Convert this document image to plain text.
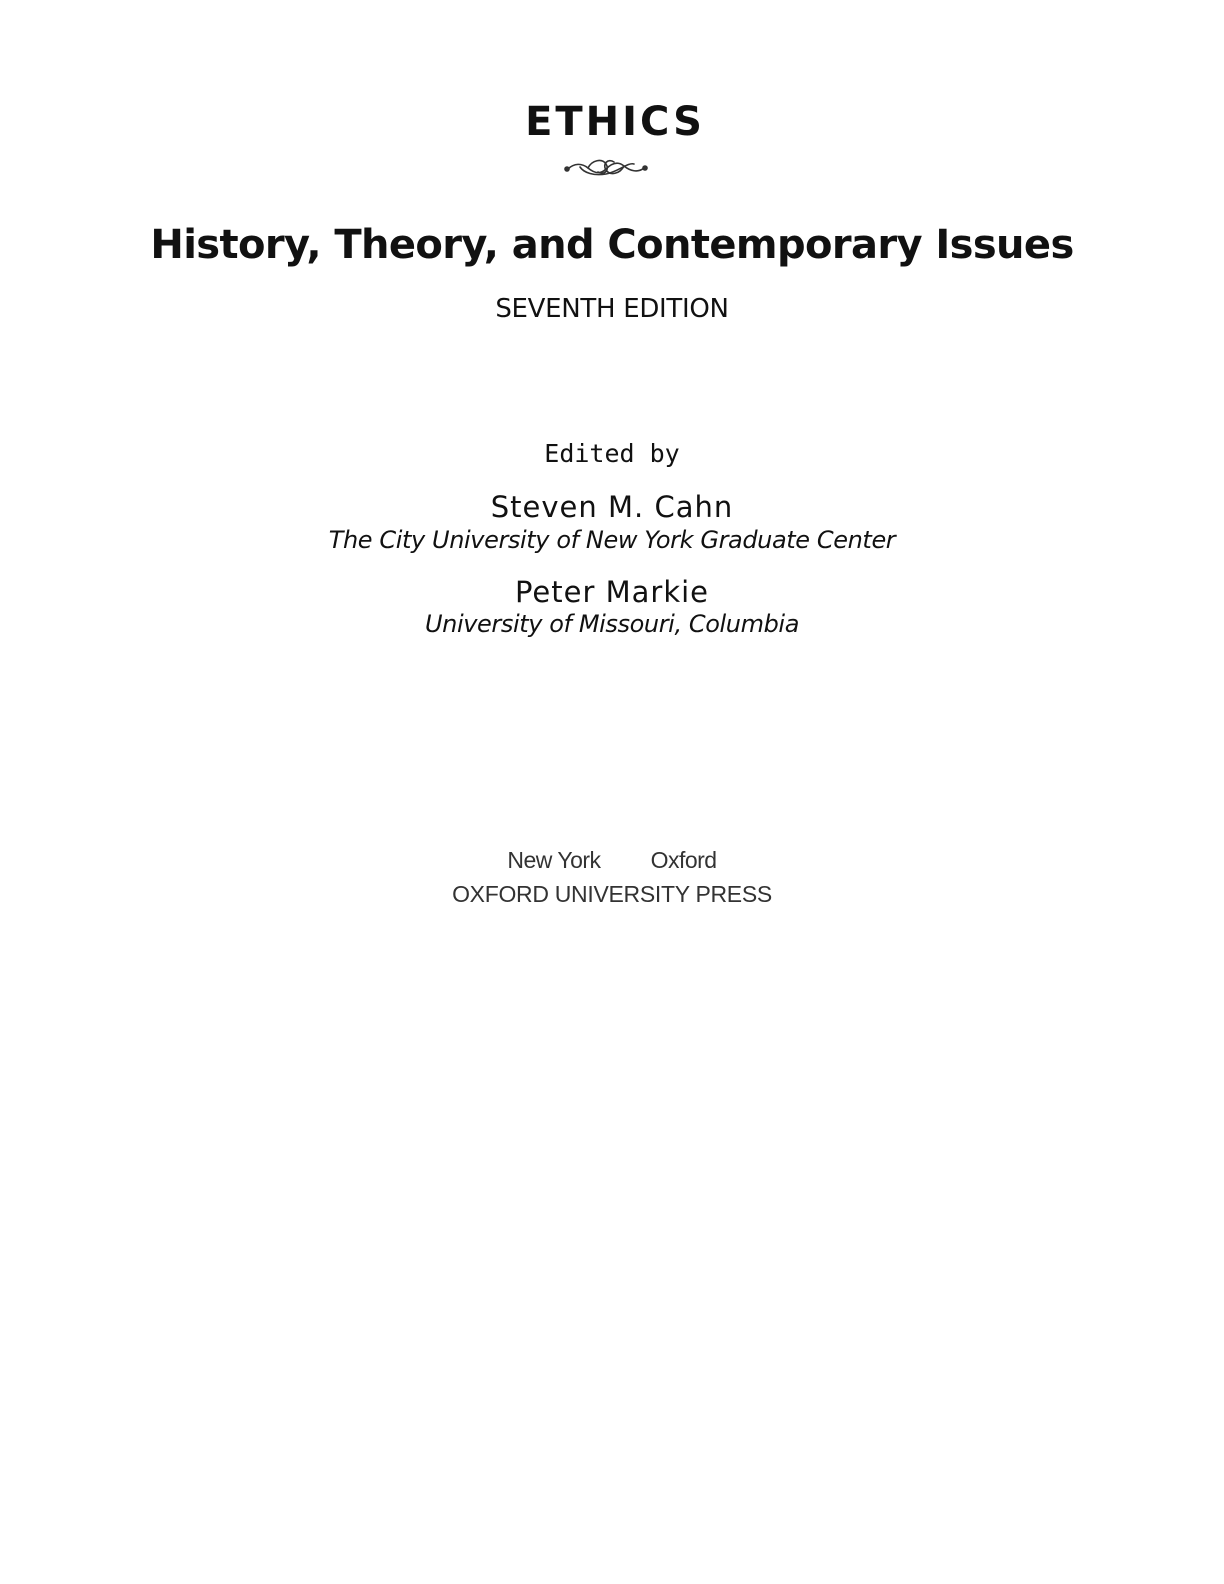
ETHICS
History, Theory, and Contemporary Issues

SEVENTH EDITION

Edited by

Steven M. Cahn

The City University of New York Graduate Center

Peter Markie

University of Missouri, Columbia

New York Oxford

OXFORD UNIVERSITY PRESS
